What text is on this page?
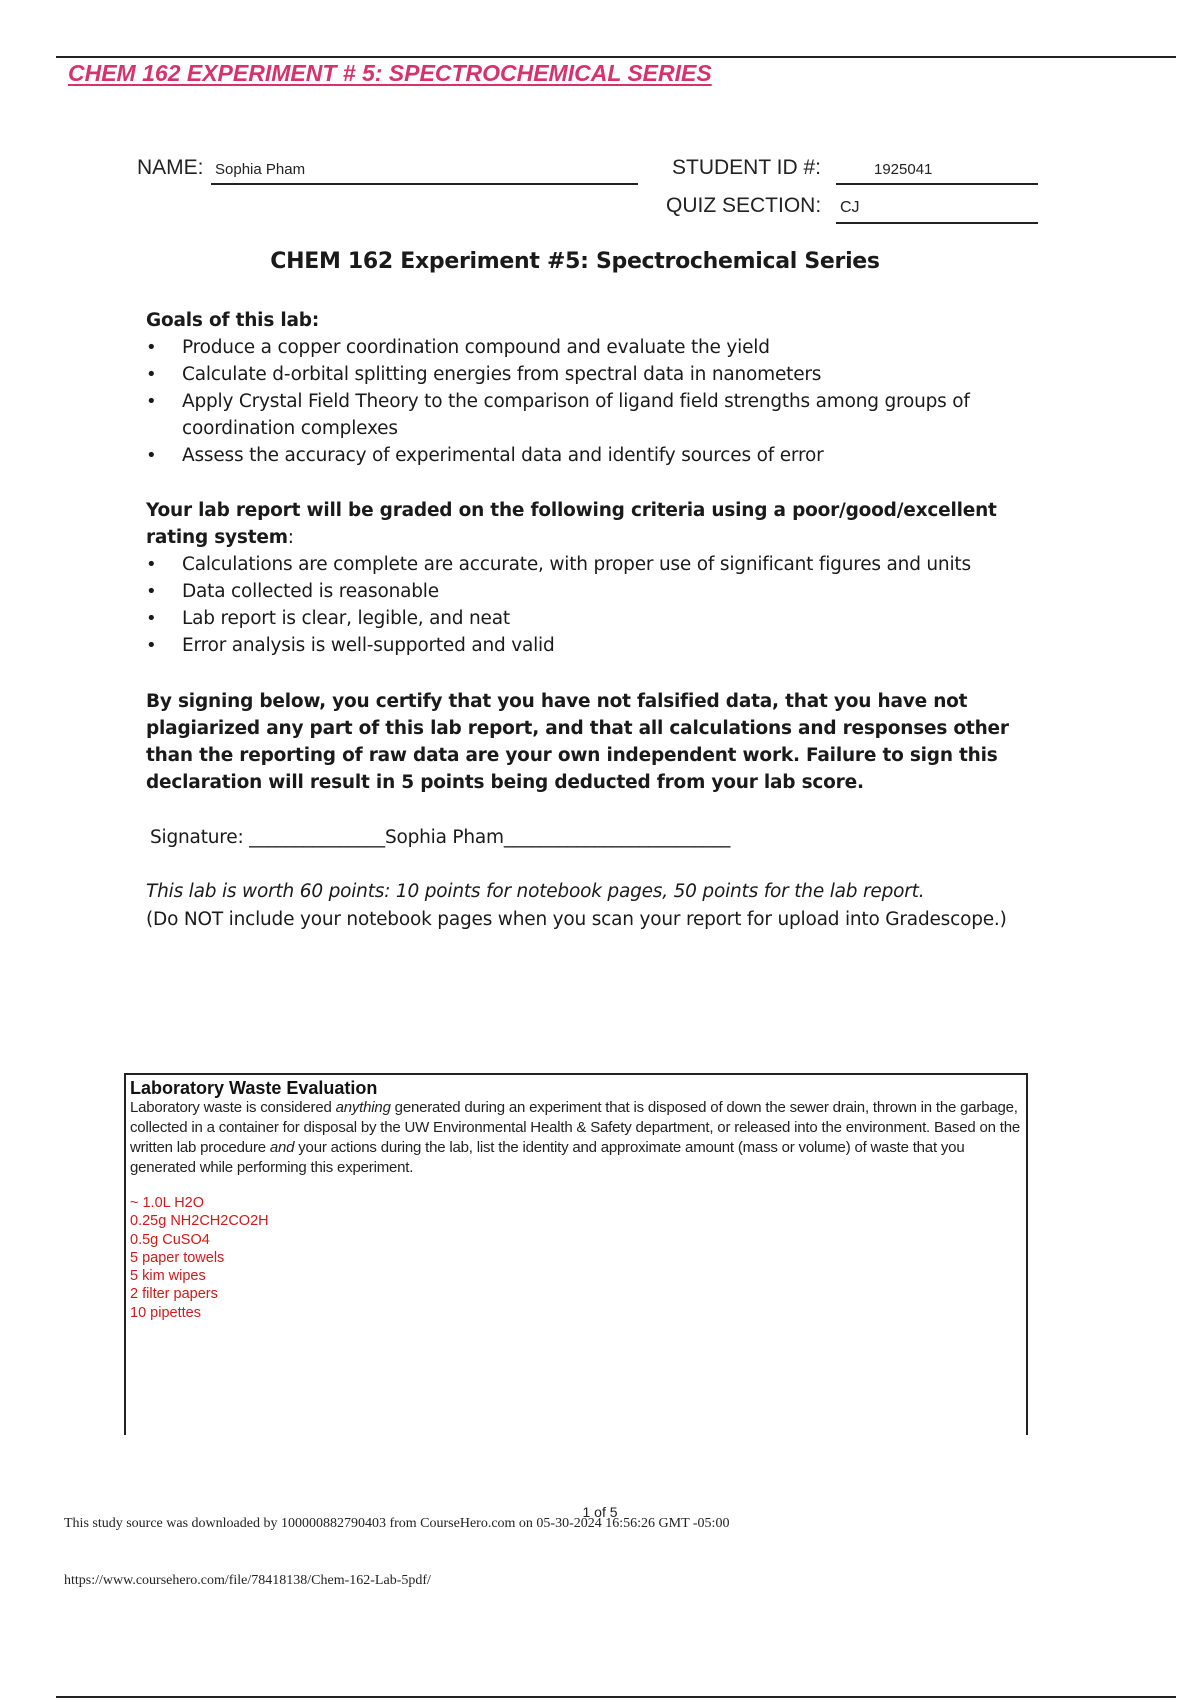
CHEM 162 EXPERIMENT # 5: SPECTROCHEMICAL SERIES
NAME: Sophia Pham	STUDENT ID #:	1925041
QUIZ SECTION: CJ
CHEM 162 Experiment #5: Spectrochemical Series
Goals of this lab:
• Produce a copper coordination compound and evaluate the yield
• Calculate d-orbital splitting energies from spectral data in nanometers
• Apply Crystal Field Theory to the comparison of ligand field strengths among groups of coordination complexes
• Assess the accuracy of experimental data and identify sources of error
Your lab report will be graded on the following criteria using a poor/good/excellent rating system:
• Calculations are complete are accurate, with proper use of significant figures and units
• Data collected is reasonable
• Lab report is clear, legible, and neat
• Error analysis is well-supported and valid
By signing below, you certify that you have not falsified data, that you have not plagiarized any part of this lab report, and that all calculations and responses other than the reporting of raw data are your own independent work. Failure to sign this declaration will result in 5 points being deducted from your lab score.
Signature: _______________Sophia Pham_________________________
This lab is worth 60 points: 10 points for notebook pages, 50 points for the lab report.
(Do NOT include your notebook pages when you scan your report for upload into Gradescope.)
Laboratory Waste Evaluation
Laboratory waste is considered anything generated during an experiment that is disposed of down the sewer drain, thrown in the garbage, collected in a container for disposal by the UW Environmental Health & Safety department, or released into the environment. Based on the written lab procedure and your actions during the lab, list the identity and approximate amount (mass or volume) of waste that you generated while performing this experiment.
~ 1.0L H2O
0.25g NH2CH2CO2H
0.5g CuSO4
5 paper towels
5 kim wipes
2 filter papers
10 pipettes
1 of 5
This study source was downloaded by 100000882790403 from CourseHero.com on 05-30-2024 16:56:26 GMT -05:00
https://www.coursehero.com/file/78418138/Chem-162-Lab-5pdf/
